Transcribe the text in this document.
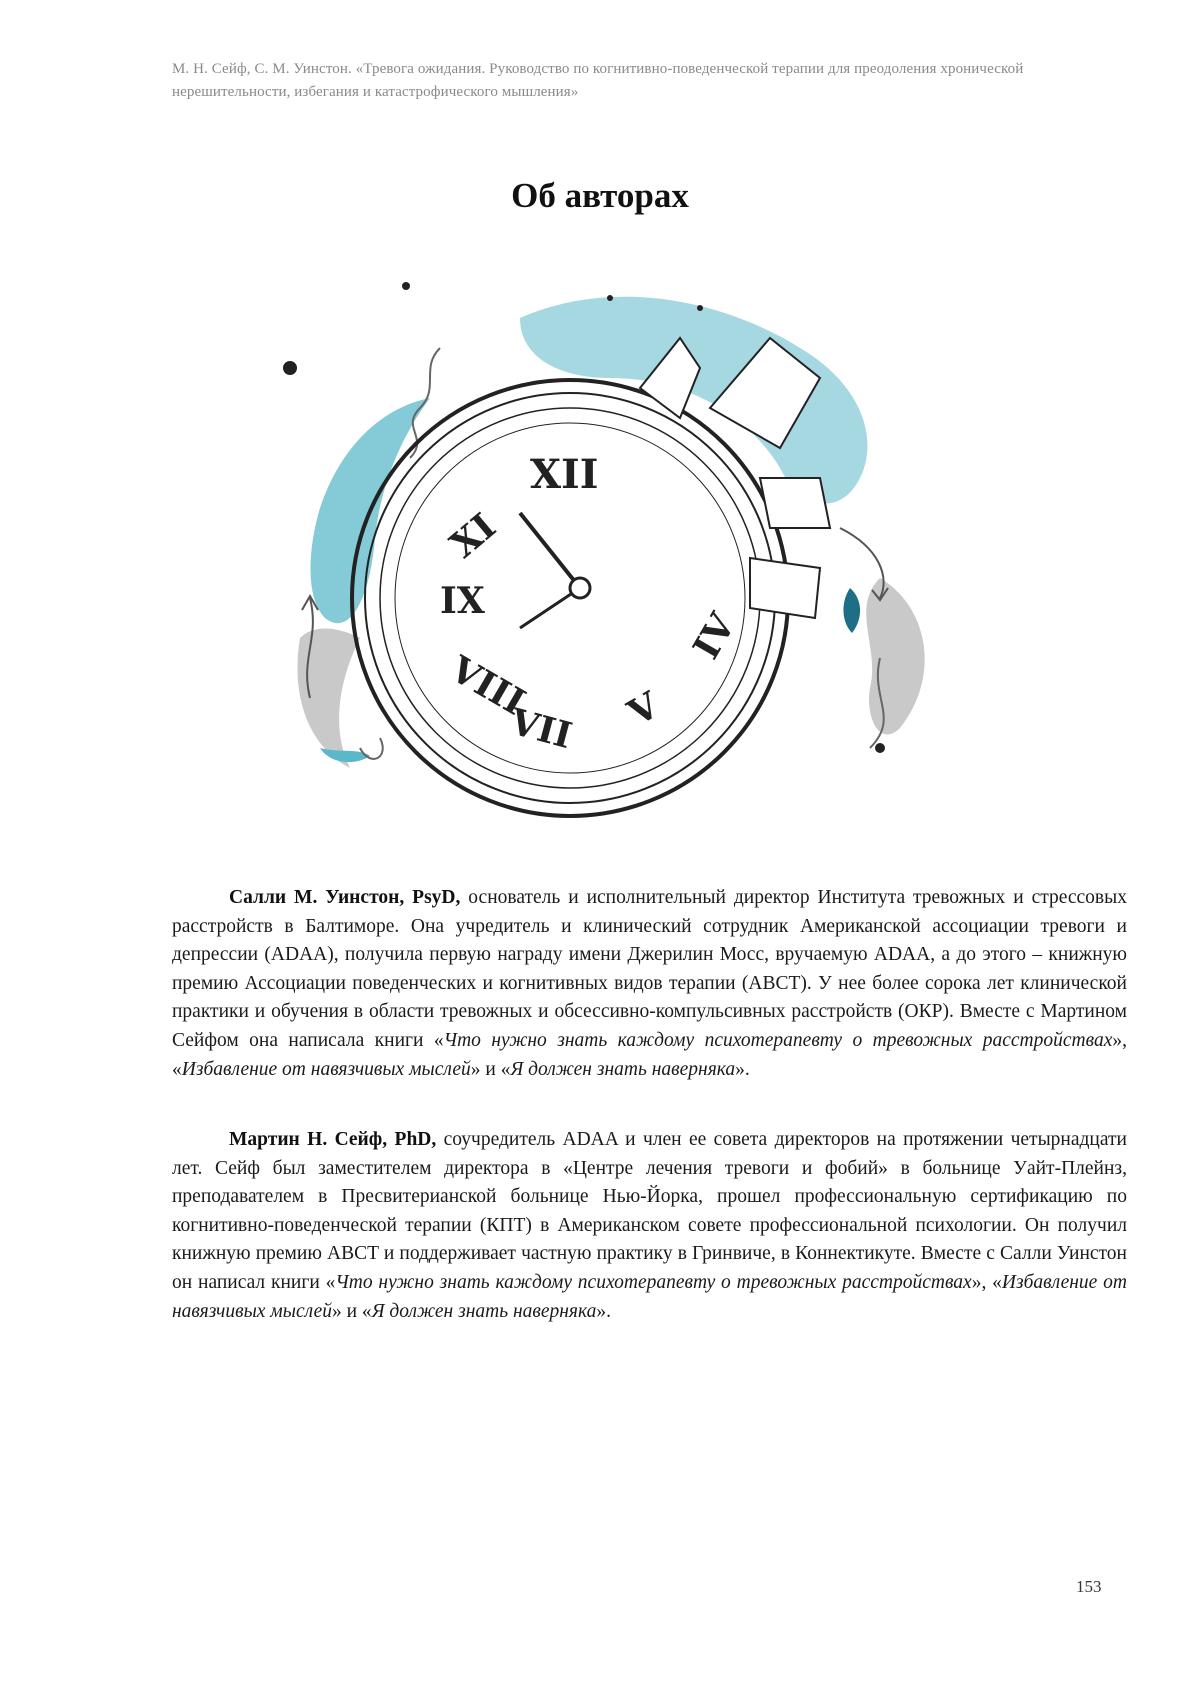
М. Н. Сейф, С. М. Уинстон. «Тревога ожидания. Руководство по когнитивно-поведенческой терапии для преодоления хронической нерешительности, избегания и катастрофического мышления»
Об авторах
XII
XI
IX
VIII
VII V
IV

Салли М. Уинстон, PsyD, основатель и исполнительный директор Института тревожных и стрессовых расстройств в Балтиморе. Она учредитель и клинический сотрудник Американской ассоциации тревоги и депрессии (ADAA), получила первую награду имени Джерилин Мосс, вручаемую ADAA, а до этого – книжную премию Ассоциации поведенческих и когнитивных видов терапии (ABCT). У нее более сорока лет клинической практики и обучения в области тревожных и обсессивно-компульсивных расстройств (ОКР). Вместе с Мартином Сейфом она написала книги «Что нужно знать каждому психотерапевту о тревожных расстройствах», «Избавление от навязчивых мыслей» и «Я должен знать наверняка».

Мартин Н. Сейф, PhD, соучредитель ADAA и член ее совета директоров на протяжении четырнадцати лет. Сейф был заместителем директора в «Центре лечения тревоги и фобий» в больнице Уайт-Плейнз, преподавателем в Пресвитерианской больнице Нью-Йорка, прошел профессиональную сертификацию по когнитивно-поведенческой терапии (КПТ) в Американском совете профессиональной психологии. Он получил книжную премию ABCT и поддерживает частную практику в Гринвиче, в Коннектикуте. Вместе с Салли Уинстон он написал книги «Что нужно знать каждому психотерапевту о тревожных расстройствах», «Избавление от навязчивых мыслей» и «Я должен знать наверняка».

153
